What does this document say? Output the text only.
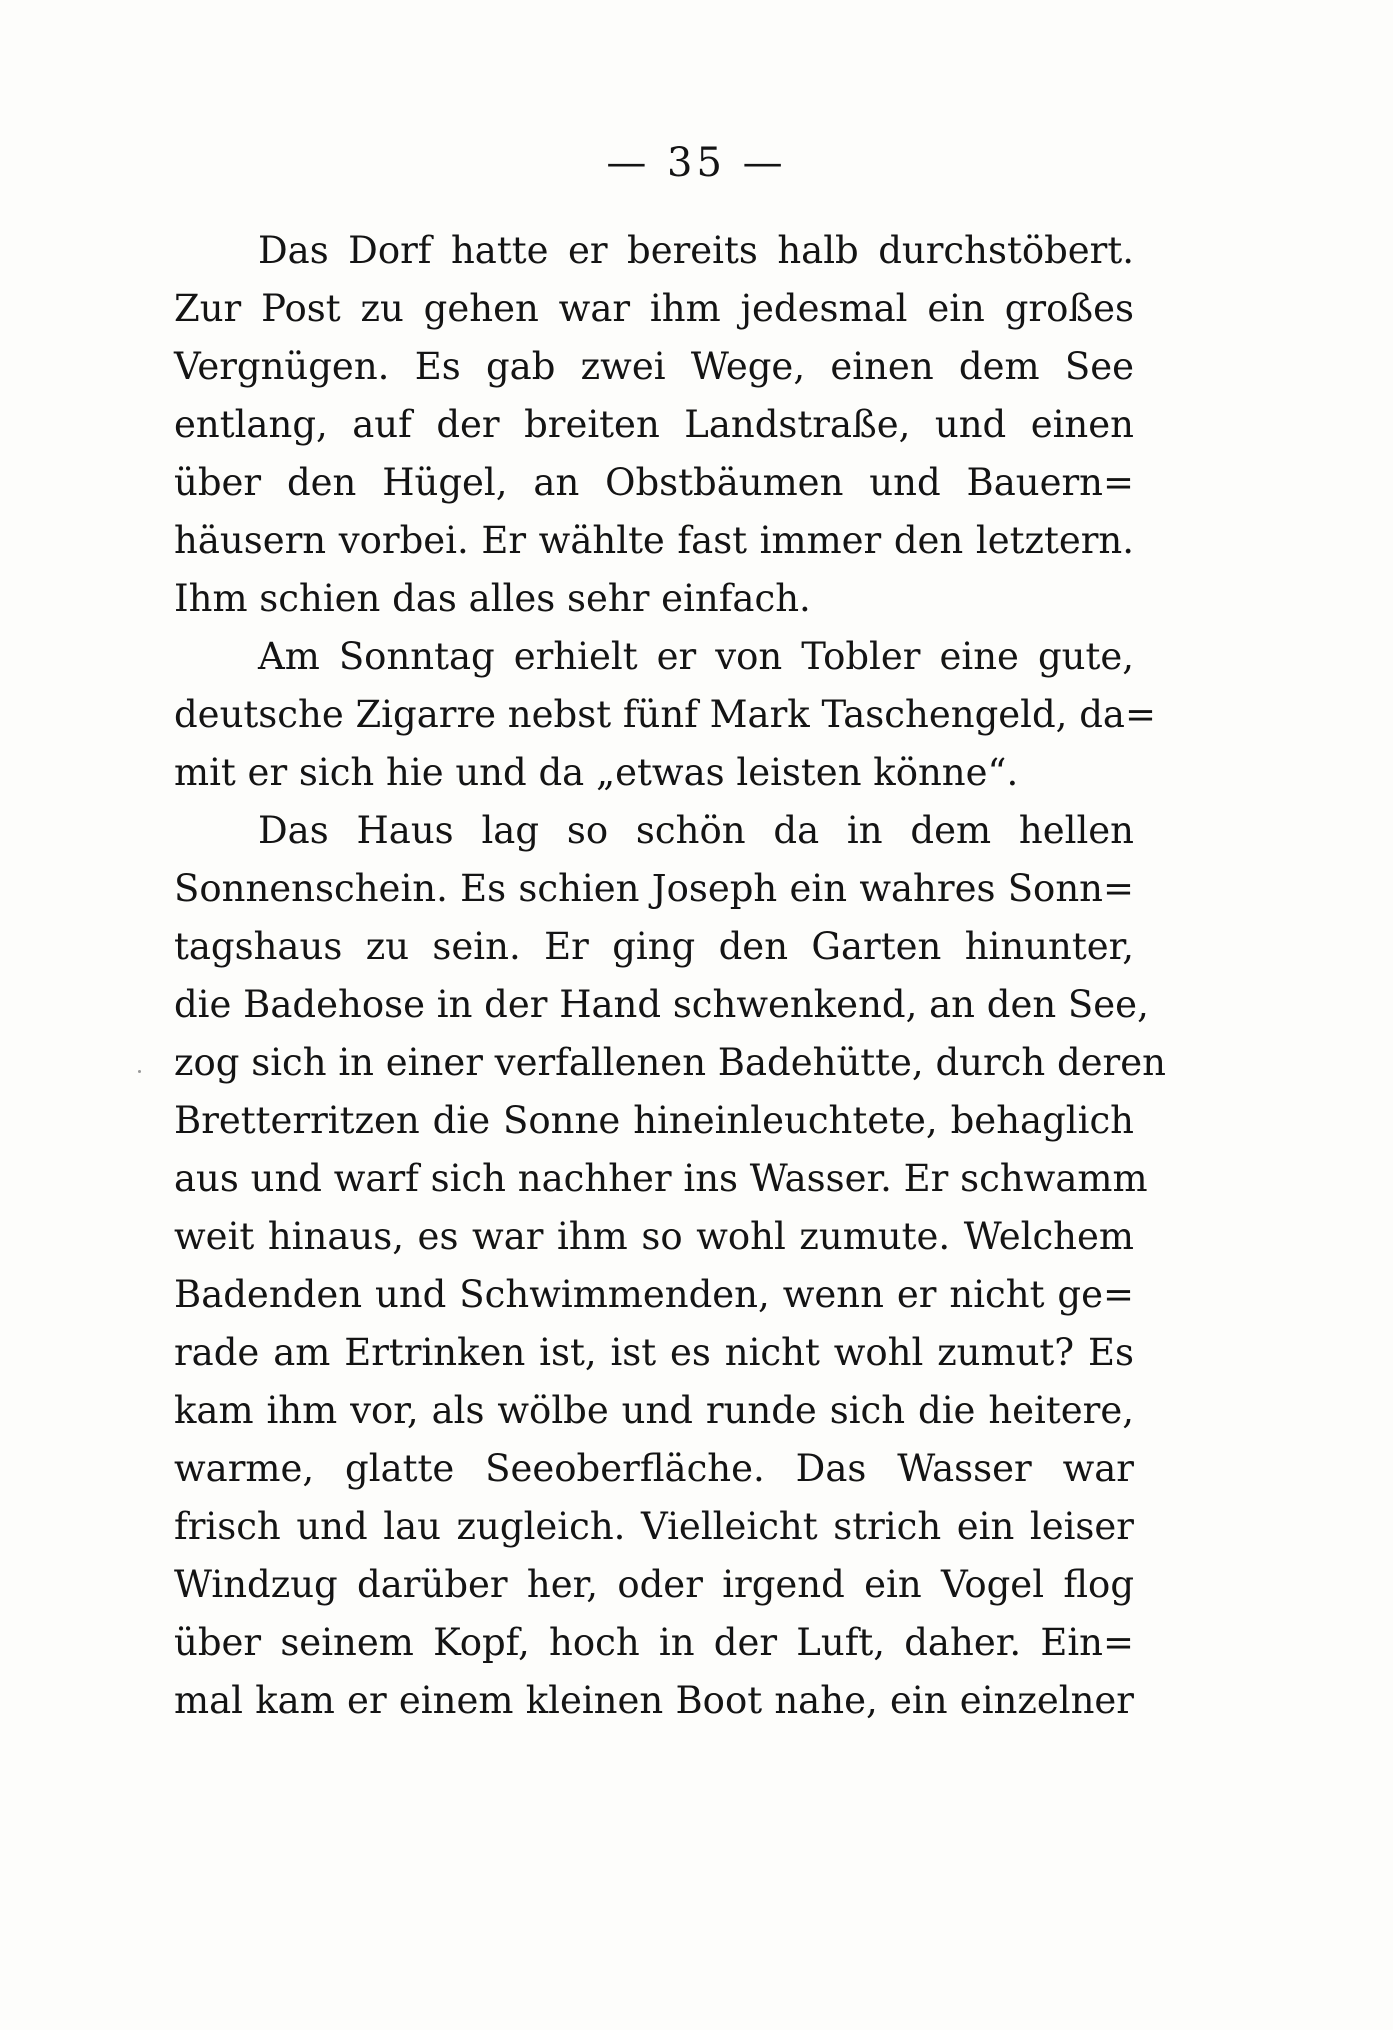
— 35 —
Das Dorf hatte er bereits halb durchstöbert.
Zur Post zu gehen war ihm jedesmal ein großes
Vergnügen. Es gab zwei Wege, einen dem See
entlang, auf der breiten Landstraße, und einen
über den Hügel, an Obstbäumen und Bauern=
häusern vorbei. Er wählte fast immer den letztern.
Ihm schien das alles sehr einfach.
Am Sonntag erhielt er von Tobler eine gute,
deutsche Zigarre nebst fünf Mark Taschengeld, da=
mit er sich hie und da „etwas leisten könne“.
Das Haus lag so schön da in dem hellen
Sonnenschein. Es schien Joseph ein wahres Sonn=
tagshaus zu sein. Er ging den Garten hinunter,
die Badehose in der Hand schwenkend, an den See,
zog sich in einer verfallenen Badehütte, durch deren
Bretterritzen die Sonne hineinleuchtete, behaglich
aus und warf sich nachher ins Wasser. Er schwamm
weit hinaus, es war ihm so wohl zumute. Welchem
Badenden und Schwimmenden, wenn er nicht ge=
rade am Ertrinken ist, ist es nicht wohl zumut? Es
kam ihm vor, als wölbe und runde sich die heitere,
warme, glatte Seeoberfläche. Das Wasser war
frisch und lau zugleich. Vielleicht strich ein leiser
Windzug darüber her, oder irgend ein Vogel flog
über seinem Kopf, hoch in der Luft, daher. Ein=
mal kam er einem kleinen Boot nahe, ein einzelner
